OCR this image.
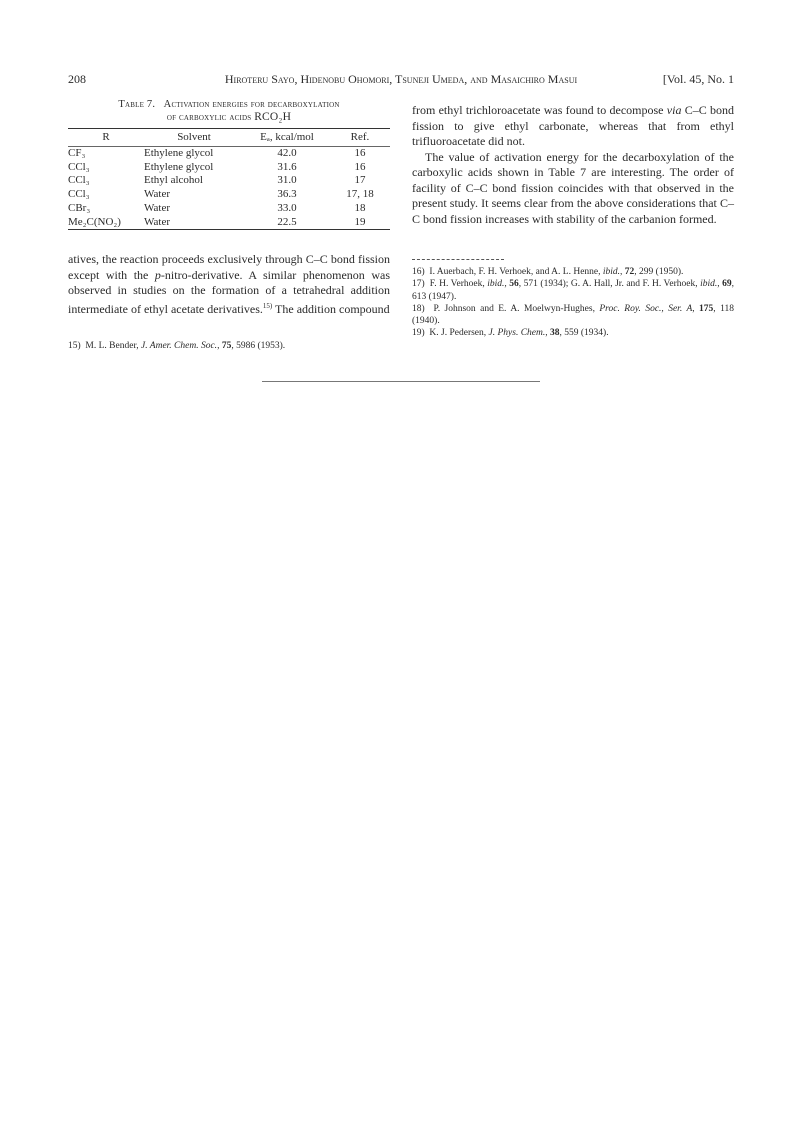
208	Hiroteru Sayo, Hidenobu Ohomori, Tsuneji Umeda, and Masaichiro Masui	[Vol. 45, No. 1
Table 7. Activation energies for decarboxylation
of carboxylic acids RCO₂H
R	Solvent	Eₐ, kcal/mol	Ref.
CF₃	Ethylene glycol	42.0	16
CCl₃	Ethylene glycol	31.6	16
CCl₃	Ethyl alcohol	31.0	17
CCl₃	Water	36.3	17, 18
CBr₃	Water	33.0	18
Me₂C(NO₂)	Water	22.5	19

atives, the reaction proceeds exclusively through C–C bond fission except with the p-nitro-derivative. A similar phenomenon was observed in studies on the formation of a tetrahedral addition intermediate of ethyl acetate derivatives.$^{15)}$ The addition compound

15) M. L. Bender, J. Amer. Chem. Soc., 75, 5986 (1953).

from ethyl trichloroacetate was found to decompose via C–C bond fission to give ethyl carbonate, whereas that from ethyl trifluoroacetate did not.

The value of activation energy for the decarboxylation of the carboxylic acids shown in Table 7 are interesting. The order of facility of C–C bond fission coincides with that observed in the present study. It seems clear from the above considerations that C–C bond fission increases with stability of the carbanion formed.

16) I. Auerbach, F. H. Verhoek, and A. L. Henne, ibid., 72, 299 (1950).

17) F. H. Verhoek, ibid., 56, 571 (1934); G. A. Hall, Jr. and F. H. Verhoek, ibid., 69, 613 (1947).

18) P. Johnson and E. A. Moelwyn-Hughes, Proc. Roy. Soc., Ser. A, 175, 118 (1940).

19) K. J. Pedersen, J. Phys. Chem., 38, 559 (1934).
